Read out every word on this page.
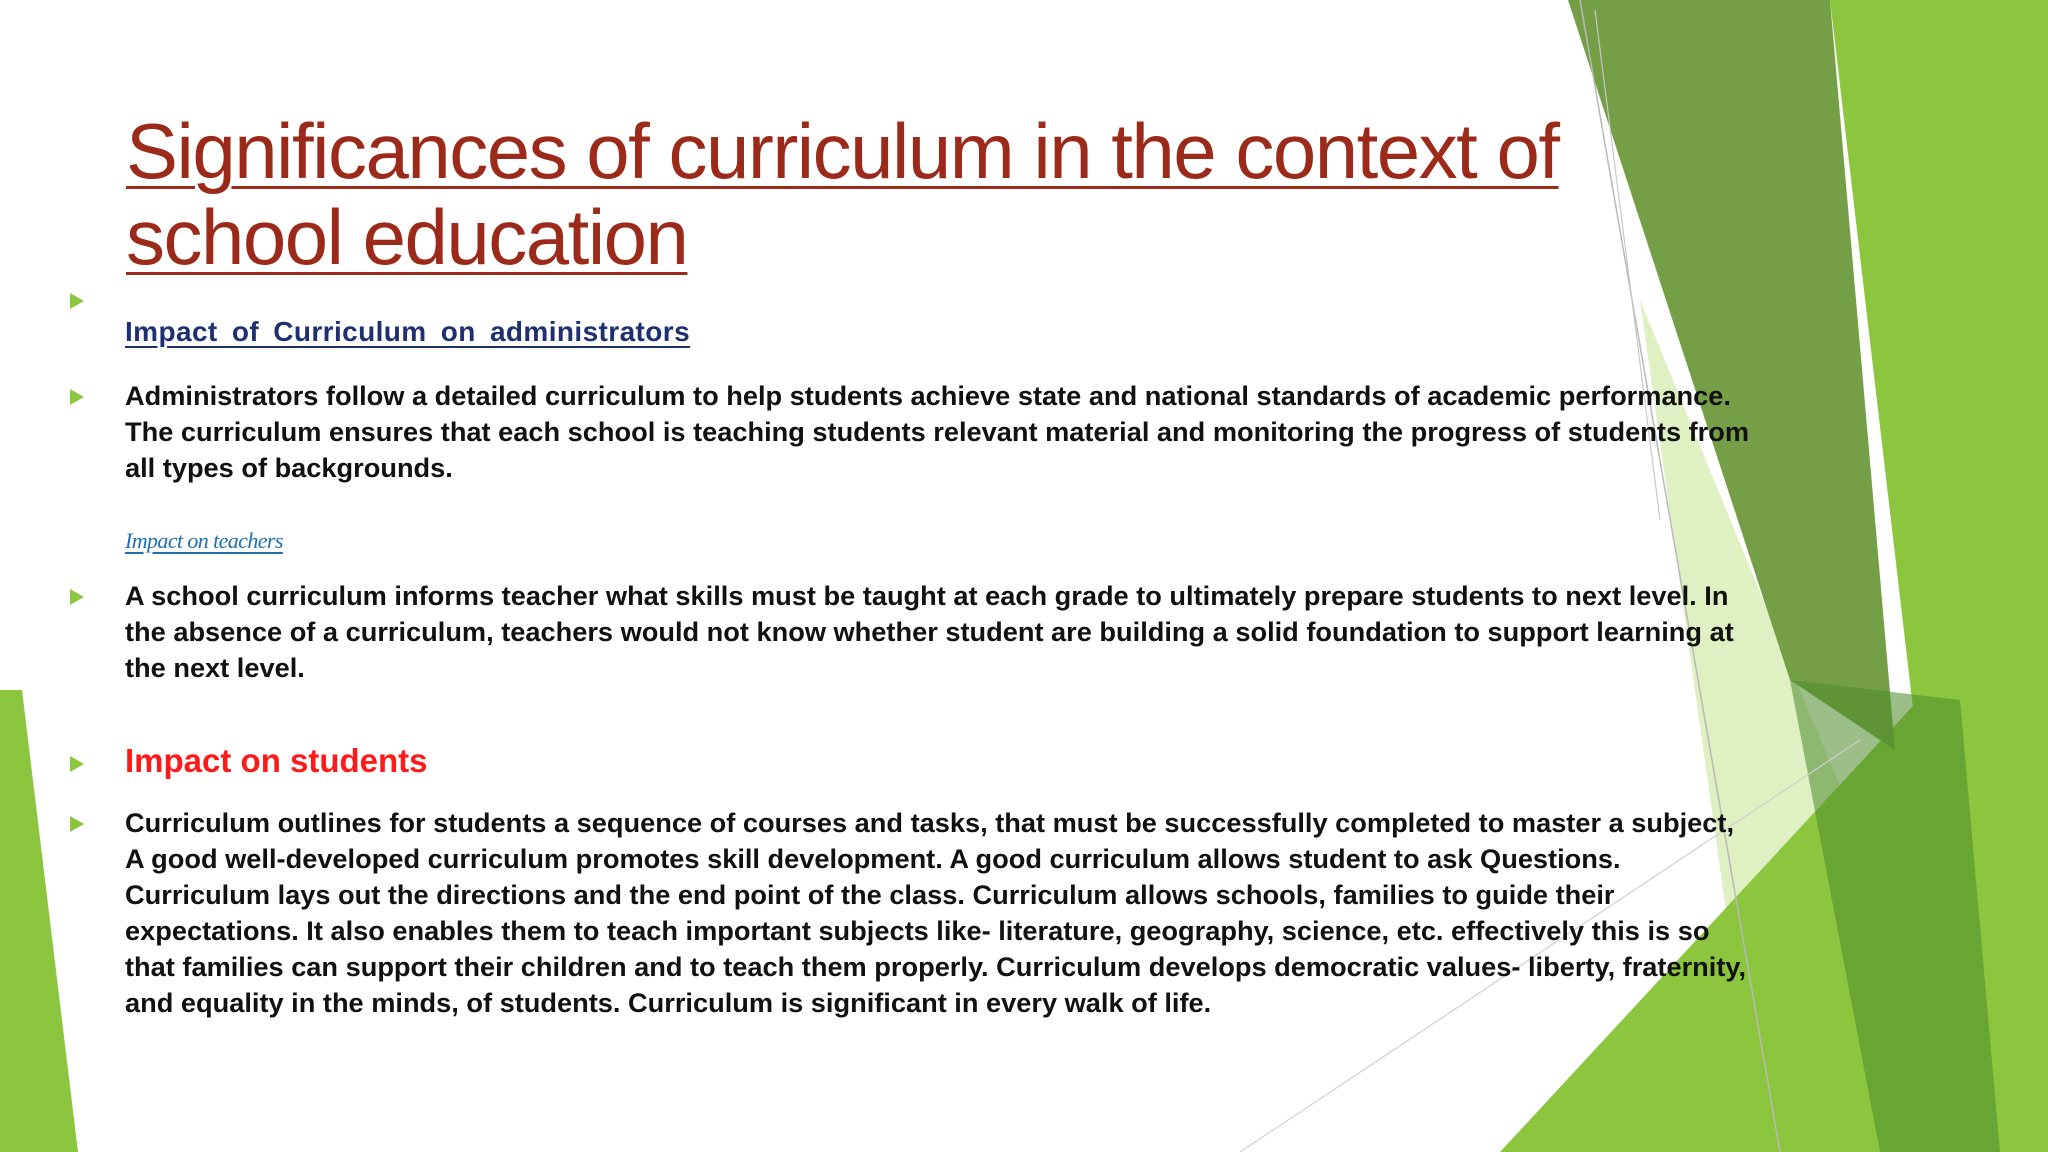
Significances of curriculum in the context of
school education
Impact of Curriculum on administrators
Administrators follow a detailed curriculum to help students achieve state and national standards of academic performance.
The curriculum ensures that each school is teaching students relevant material and monitoring the progress of students from
all types of backgrounds.
Impact on teachers
A school curriculum informs teacher what skills must be taught at each grade to ultimately prepare students to next level. In
the absence of a curriculum, teachers would not know whether student are building a solid foundation to support learning at
the next level.
Impact on students
Curriculum outlines for students a sequence of courses and tasks, that must be successfully completed to master a subject,
A good well-developed curriculum promotes skill development. A good curriculum allows student to ask Questions.
Curriculum lays out the directions and the end point of the class. Curriculum allows schools, families to guide their
expectations. It also enables them to teach important subjects like- literature, geography, science, etc. effectively this is so
that families can support their children and to teach them properly. Curriculum develops democratic values- liberty, fraternity,
and equality in the minds, of students. Curriculum is significant in every walk of life.
